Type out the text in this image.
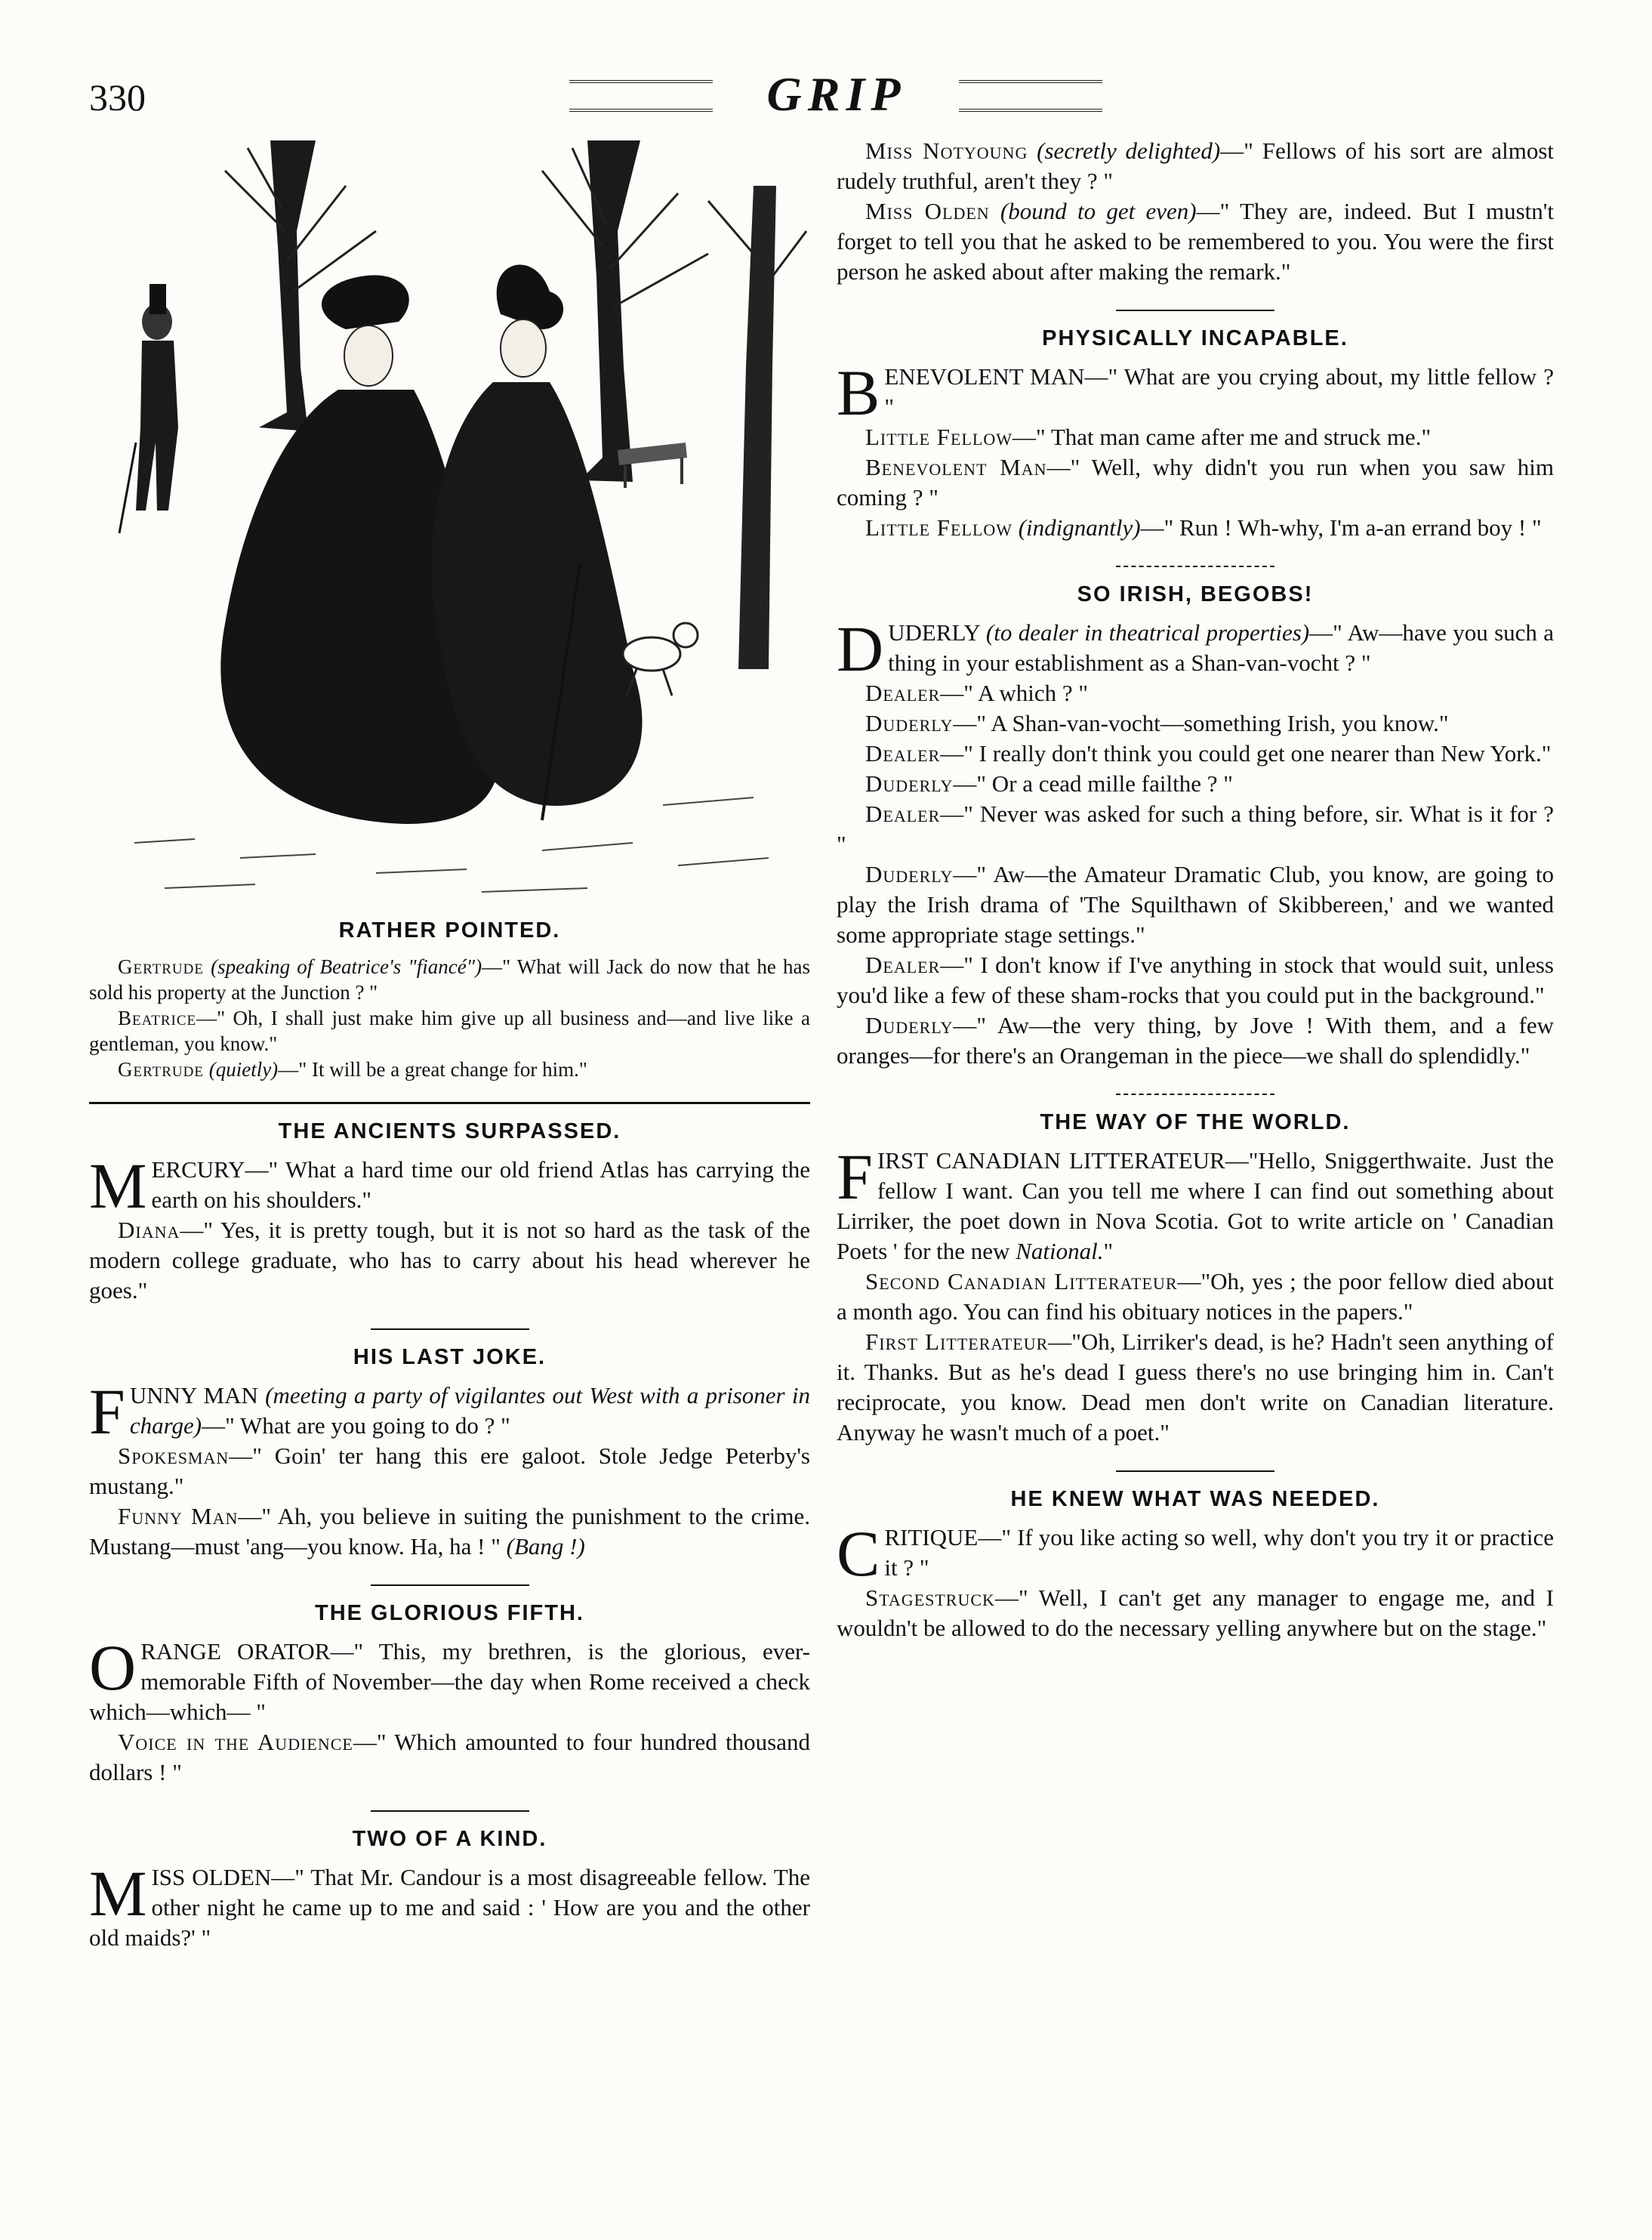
330	GRIP
RATHER POINTED.

Gertrude (speaking of Beatrice's "fiancé")—" What will Jack do now that he has sold his property at the Junction ? "

Beatrice—" Oh, I shall just make him give up all business and—and live like a gentleman, you know."

Gertrude (quietly)—" It will be a great change for him."

THE ANCIENTS SURPASSED.

MERCURY—" What a hard time our old friend Atlas has carrying the earth on his shoulders."

Diana—" Yes, it is pretty tough, but it is not so hard as the task of the modern college graduate, who has to carry about his head wherever he goes."

HIS LAST JOKE.

FUNNY MAN (meeting a party of vigilantes out West with a prisoner in charge)—" What are you going to do ? "

Spokesman—" Goin' ter hang this ere galoot. Stole Jedge Peterby's mustang."

Funny Man—" Ah, you believe in suiting the punishment to the crime. Mustang—must 'ang—you know. Ha, ha ! " (Bang !)

THE GLORIOUS FIFTH.

ORANGE ORATOR—" This, my brethren, is the glorious, ever-memorable Fifth of November—the day when Rome received a check which—which— "

Voice in the Audience—" Which amounted to four hundred thousand dollars ! "

TWO OF A KIND.

MISS OLDEN—" That Mr. Candour is a most disagreeable fellow. The other night he came up to me and said : ' How are you and the other old maids?' "

Miss Notyoung (secretly delighted)—" Fellows of his sort are almost rudely truthful, aren't they ? "

Miss Olden (bound to get even)—" They are, indeed. But I mustn't forget to tell you that he asked to be remembered to you. You were the first person he asked about after making the remark."

PHYSICALLY INCAPABLE.

BENEVOLENT MAN—" What are you crying about, my little fellow ? "

Little Fellow—" That man came after me and struck me."

Benevolent Man—" Well, why didn't you run when you saw him coming ? "

Little Fellow (indignantly)—" Run ! Wh-why, I'm a-an errand boy ! "

SO IRISH, BEGOBS!

DUDERLY (to dealer in theatrical properties)—" Aw—have you such a thing in your establishment as a Shan-van-vocht ? "

Dealer—" A which ? "

Duderly—" A Shan-van-vocht—something Irish, you know."

Dealer—" I really don't think you could get one nearer than New York."

Duderly—" Or a cead mille failthe ? "

Dealer—" Never was asked for such a thing before, sir. What is it for ? "

Duderly—" Aw—the Amateur Dramatic Club, you know, are going to play the Irish drama of 'The Squilthawn of Skibbereen,' and we wanted some appropriate stage settings."

Dealer—" I don't know if I've anything in stock that would suit, unless you'd like a few of these sham-rocks that you could put in the background."

Duderly—" Aw—the very thing, by Jove ! With them, and a few oranges—for there's an Orangeman in the piece—we shall do splendidly."

THE WAY OF THE WORLD.

FIRST CANADIAN LITTERATEUR—"Hello, Sniggerthwaite. Just the fellow I want. Can you tell me where I can find out something about Lirriker, the poet down in Nova Scotia. Got to write article on ' Canadian Poets ' for the new National."

Second Canadian Litterateur—"Oh, yes ; the poor fellow died about a month ago. You can find his obituary notices in the papers."

First Litterateur—"Oh, Lirriker's dead, is he? Hadn't seen anything of it. Thanks. But as he's dead I guess there's no use bringing him in. Can't reciprocate, you know. Dead men don't write on Canadian literature. Anyway he wasn't much of a poet."

HE KNEW WHAT WAS NEEDED.

CRITIQUE—" If you like acting so well, why don't you try it or practice it ? "

Stagestruck—" Well, I can't get any manager to engage me, and I wouldn't be allowed to do the necessary yelling anywhere but on the stage."
